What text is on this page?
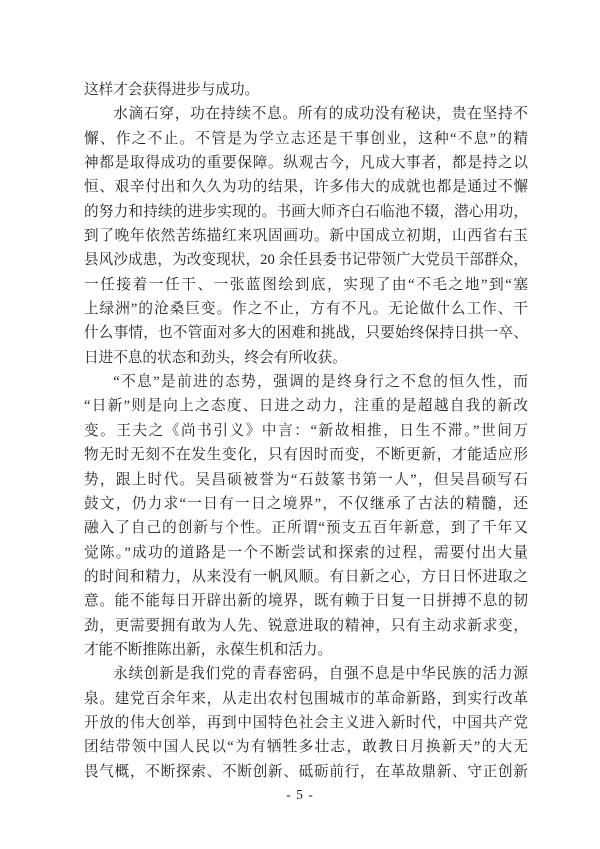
这样才会获得进步与成功。
水滴石穿，功在持续不息。所有的成功没有秘诀，贵在坚持不
懈、作之不止。不管是为学立志还是干事创业，这种“不息”的精
神都是取得成功的重要保障。纵观古今，凡成大事者，都是持之以
恒、艰辛付出和久久为功的结果，许多伟大的成就也都是通过不懈
的努力和持续的进步实现的。书画大师齐白石临池不辍，潜心用功，
到了晚年依然苦练描红来巩固画功。新中国成立初期，山西省右玉
县风沙成患，为改变现状，20 余任县委书记带领广大党员干部群众，
一任接着一任干、一张蓝图绘到底，实现了由“不毛之地”到“塞
上绿洲”的沧桑巨变。作之不止，方有不凡。无论做什么工作、干
什么事情，也不管面对多大的困难和挑战，只要始终保持日拱一卒、
日进不息的状态和劲头，终会有所收获。
“不息”是前进的态势，强调的是终身行之不怠的恒久性，而
“日新”则是向上之态度、日进之动力，注重的是超越自我的新改
变。王夫之《尚书引义》中言：“新故相推，日生不滞。”世间万
物无时无刻不在发生变化，只有因时而变，不断更新，才能适应形
势，跟上时代。吴昌硕被誉为“石鼓篆书第一人”，但吴昌硕写石
鼓文，仍力求“一日有一日之境界”，不仅继承了古法的精髓，还
融入了自己的创新与个性。正所谓“预支五百年新意，到了千年又
觉陈。”成功的道路是一个不断尝试和探索的过程，需要付出大量
的时间和精力，从来没有一帆风顺。有日新之心，方日日怀进取之
意。能不能每日开辟出新的境界，既有赖于日复一日拼搏不息的韧
劲，更需要拥有敢为人先、锐意进取的精神，只有主动求新求变，
才能不断推陈出新，永葆生机和活力。
永续创新是我们党的青春密码，自强不息是中华民族的活力源
泉。建党百余年来，从走出农村包围城市的革命新路，到实行改革
开放的伟大创举，再到中国特色社会主义进入新时代，中国共产党
团结带领中国人民以“为有牺牲多壮志，敢教日月换新天”的大无
畏气概，不断探索、不断创新、砥砺前行，在革故鼎新、守正创新
- 5 -
